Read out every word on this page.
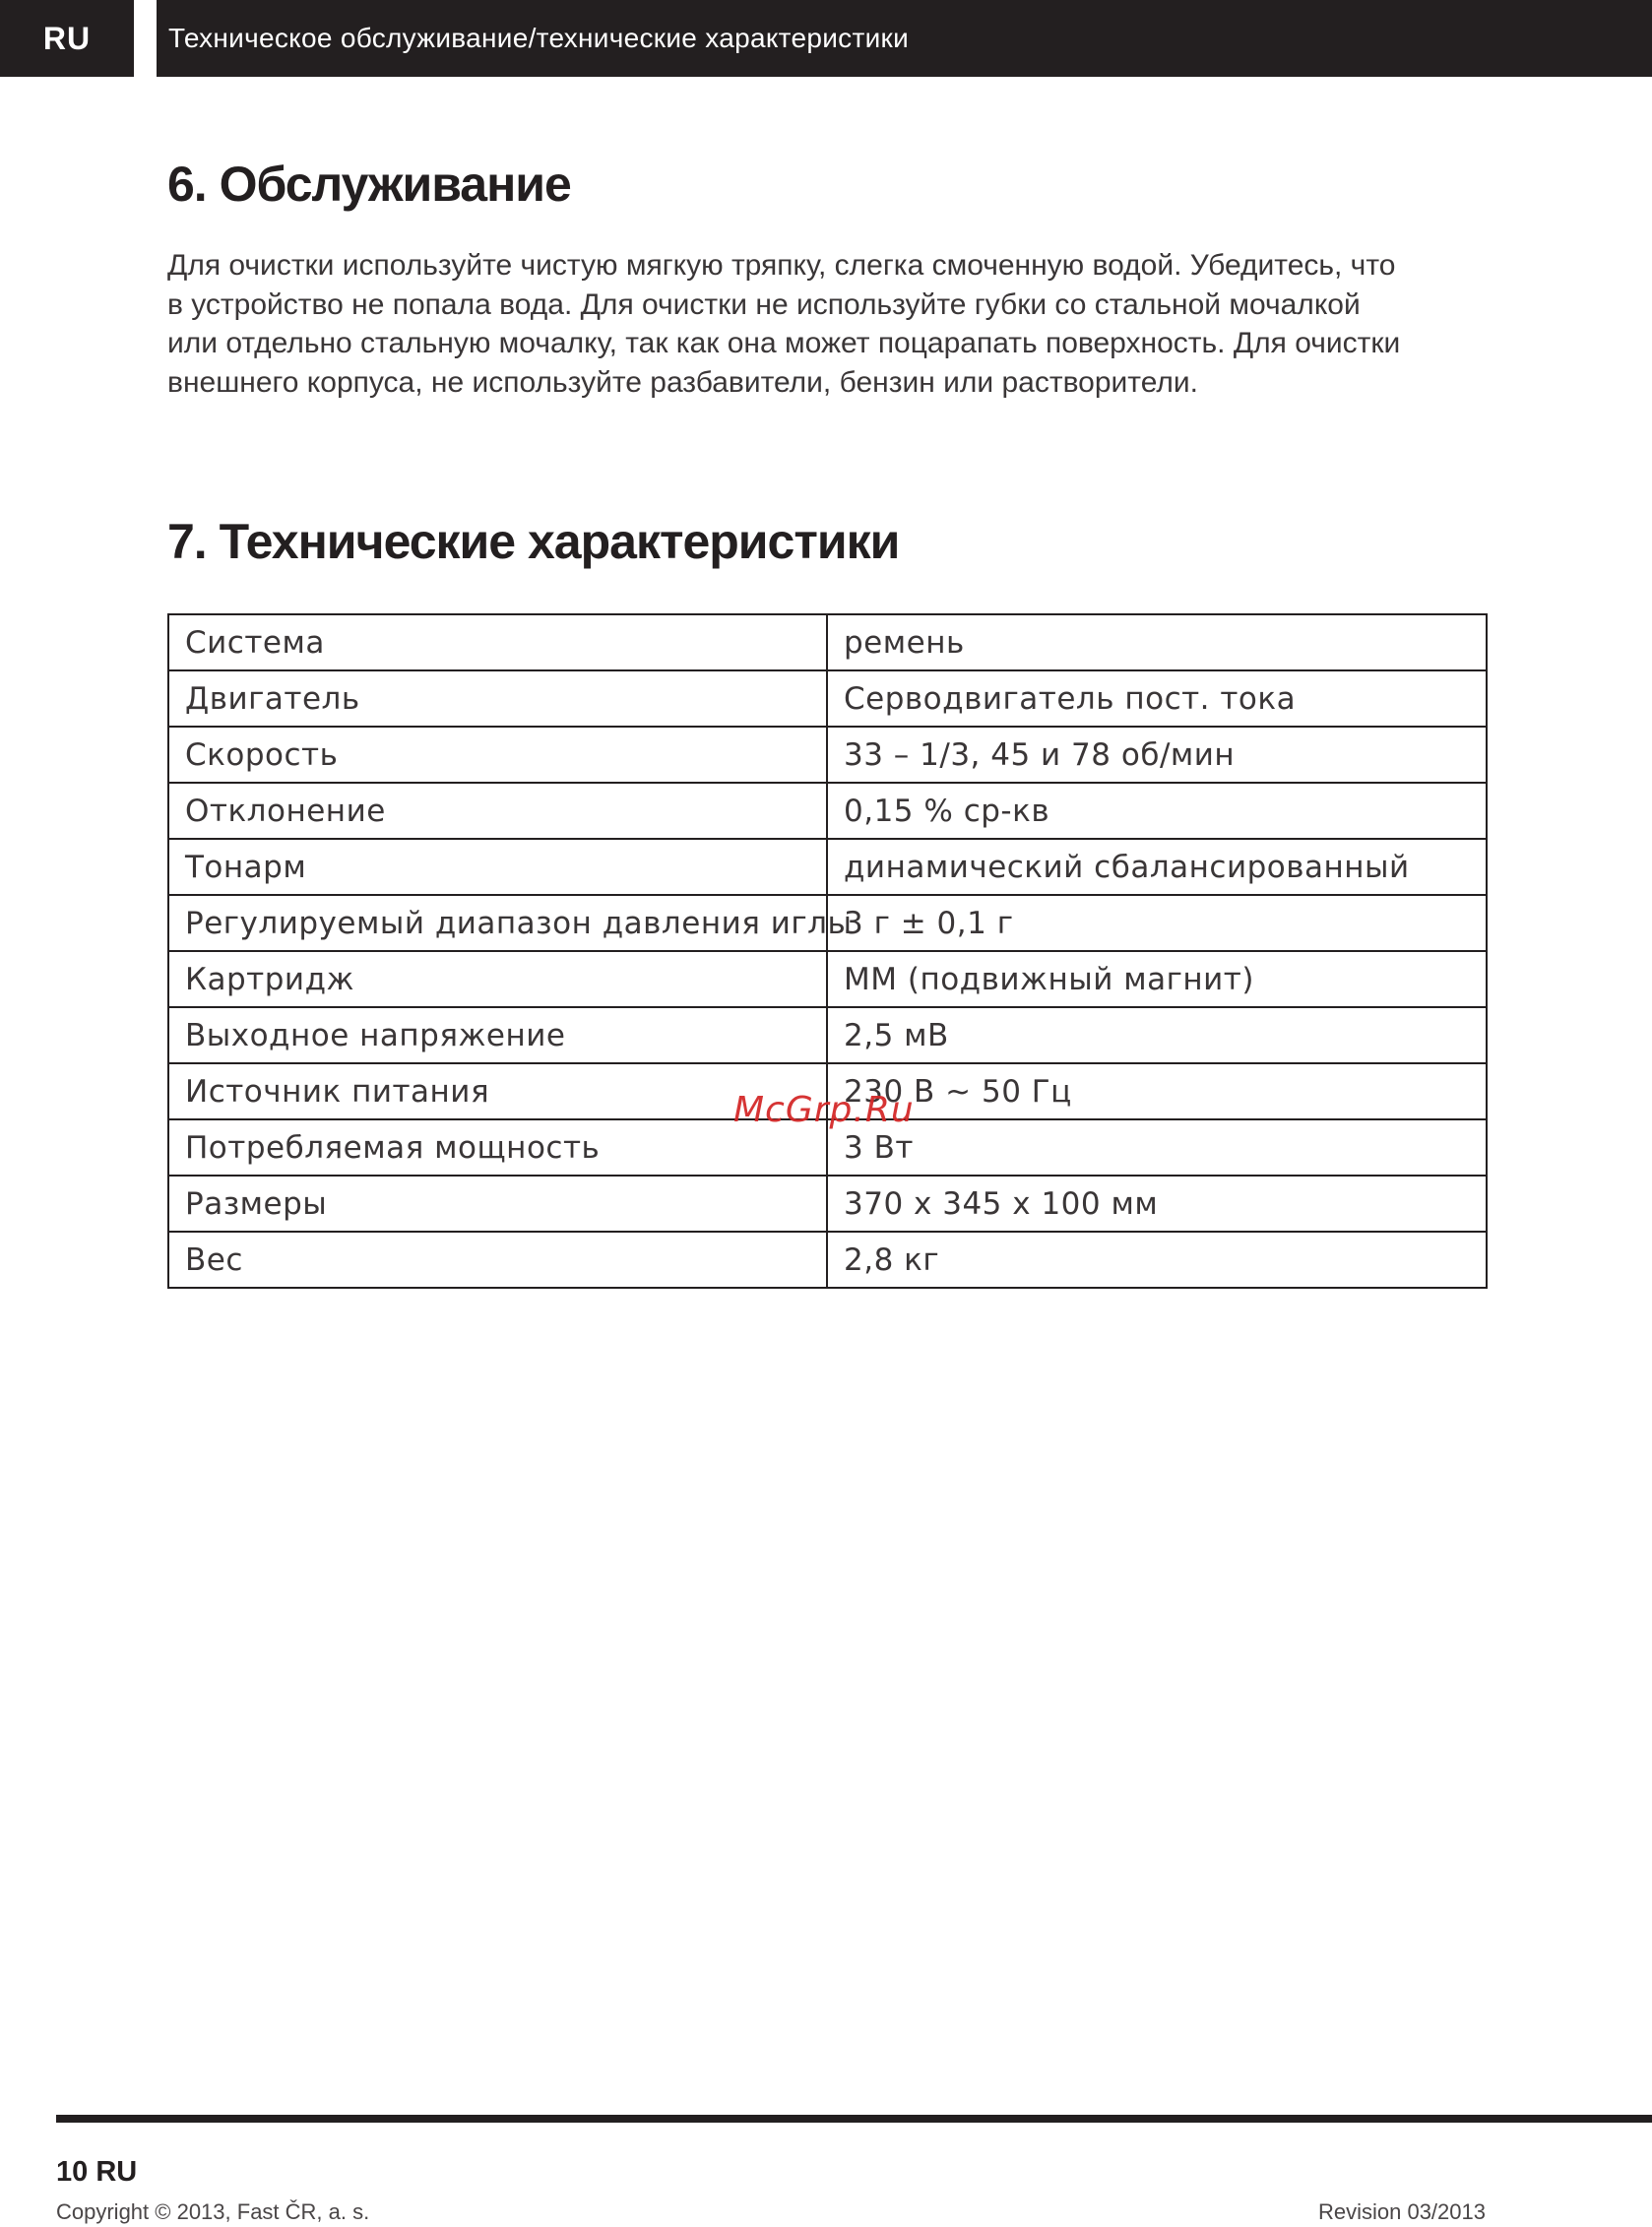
RU	Техническое обслуживание/технические характеристики
6. Обслуживание

Для очистки используйте чистую мягкую тряпку, слегка смоченную водой. Убедитесь, что
в устройство не попала вода. Для очистки не используйте губки со стальной мочалкой
или отдельно стальную мочалку, так как она может поцарапать поверхность. Для очистки
внешнего корпуса, не используйте разбавители, бензин или растворители.

7. Технические характеристики
Система	ремень
Двигатель	Серводвигатель пост. тока
Скорость	33 – 1/3, 45 и 78 об/мин
Отклонение	0,15 % ср-кв
Тонарм	динамический сбалансированный
Регулируемый диапазон давления иглы	3 г ± 0,1 г
Картридж	MM (подвижный магнит)
Выходное напряжение	2,5 мВ
Источник питания	230 В ~ 50 Гц
Потребляемая мощность	3 Вт
Размеры	370 x 345 x 100 мм
Вес	2,8 кг
McGrp.Ru
10 RU
Copyright © 2013, Fast ČR, a. s.	Revision 03/2013
